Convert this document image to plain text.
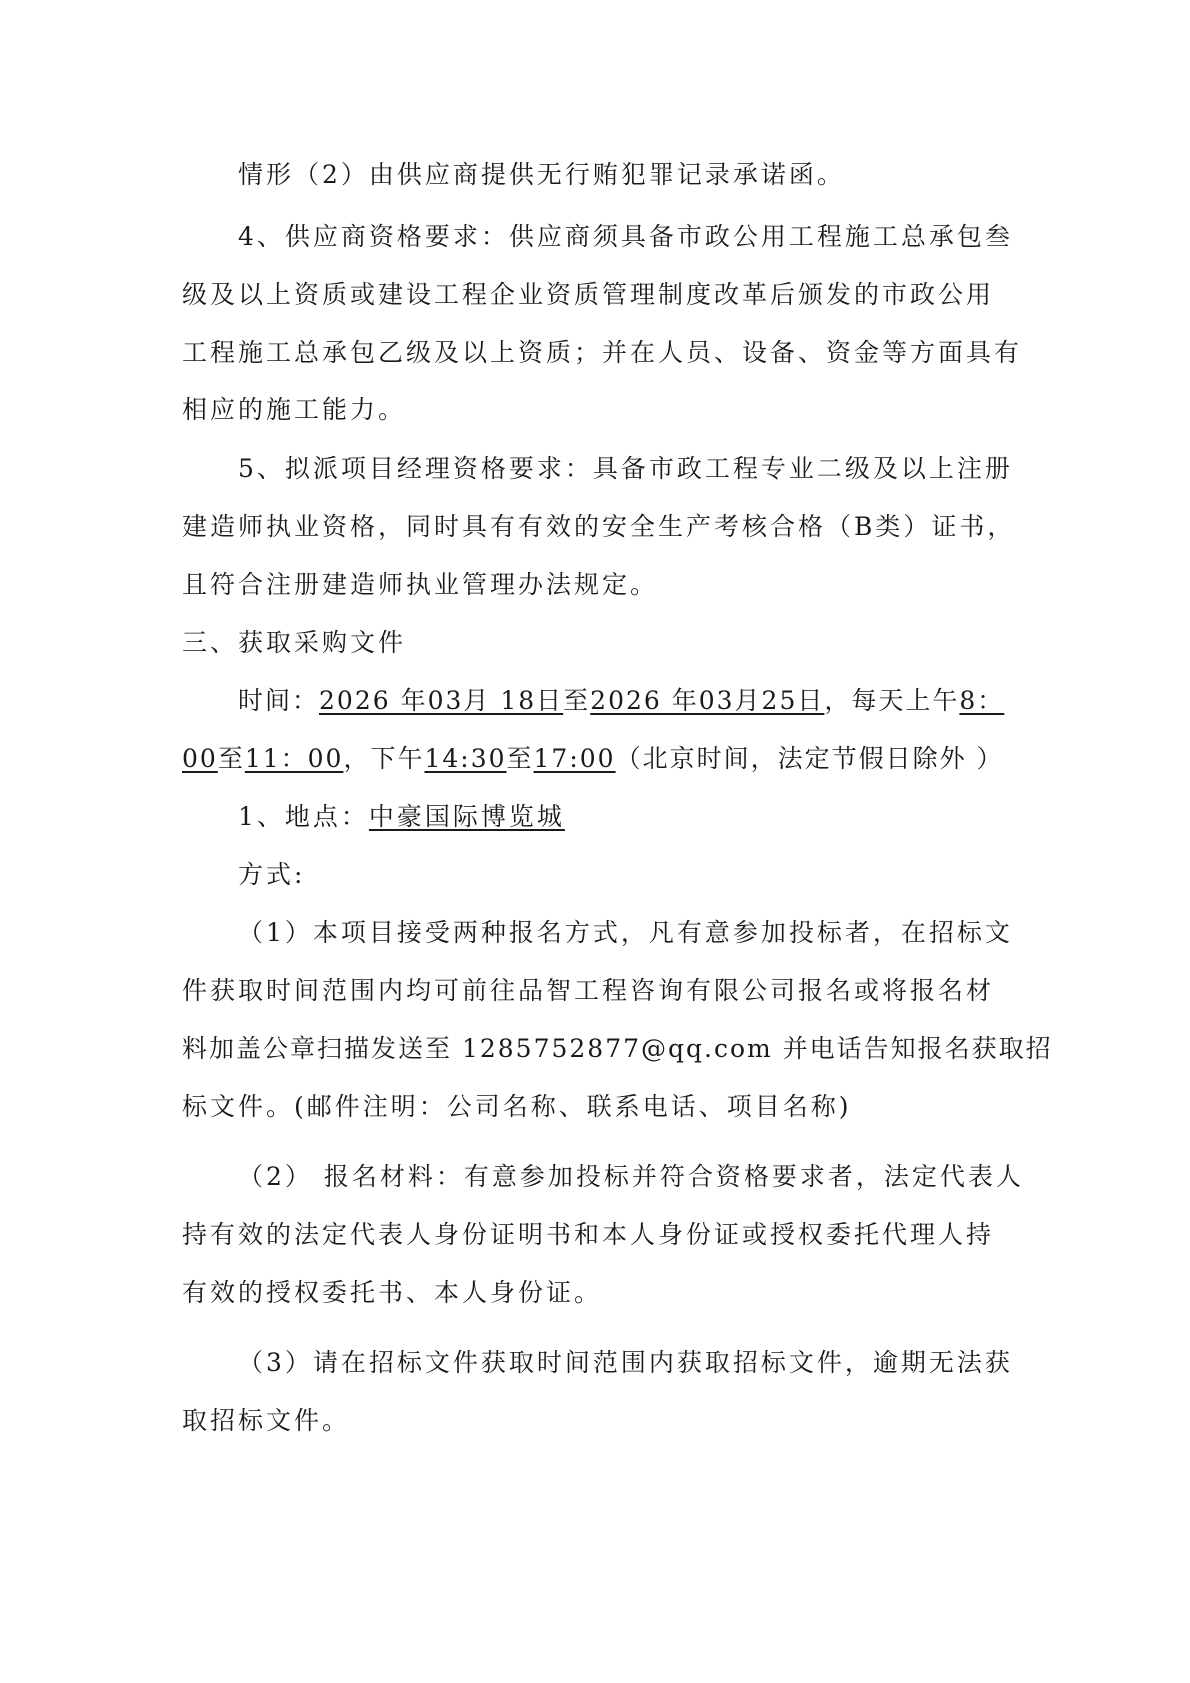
情形（2）由供应商提供无行贿犯罪记录承诺函。
4、供应商资格要求：供应商须具备市政公用工程施工总承包叁
级及以上资质或建设工程企业资质管理制度改革后颁发的市政公用
工程施工总承包乙级及以上资质；并在人员、设备、资金等方面具有
相应的施工能力。
5、拟派项目经理资格要求：具备市政工程专业二级及以上注册
建造师执业资格，同时具有有效的安全生产考核合格（B类）证书，
且符合注册建造师执业管理办法规定。
三、获取采购文件
时间：2026 年03月 18日至2026 年03月25日，每天上午8：
00至11：00，下午14:30至17:00（北京时间，法定节假日除外 ）
1、地点：中豪国际博览城
方式:
（1）本项目接受两种报名方式，凡有意参加投标者，在招标文
件获取时间范围内均可前往品智工程咨询有限公司报名或将报名材
料加盖公章扫描发送至 1285752877@qq.com 并电话告知报名获取招
标文件。(邮件注明：公司名称、联系电话、项目名称)
（2） 报名材料：有意参加投标并符合资格要求者，法定代表人
持有效的法定代表人身份证明书和本人身份证或授权委托代理人持
有效的授权委托书、本人身份证。
（3）请在招标文件获取时间范围内获取招标文件，逾期无法获
取招标文件。
